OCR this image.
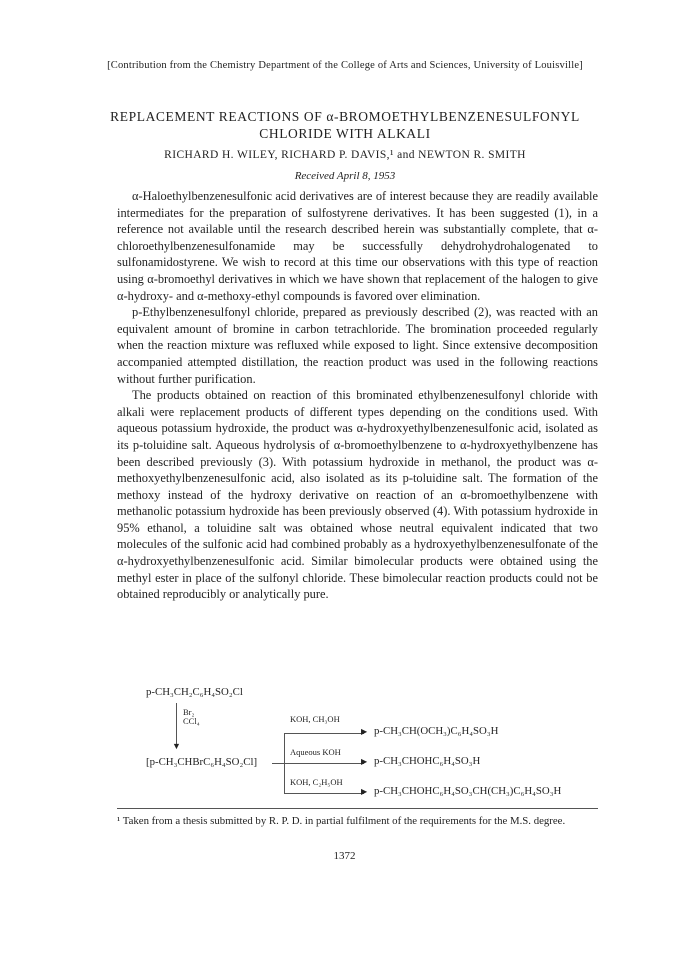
[Contribution from the Chemistry Department of the College of Arts and Sciences, University of Louisville]
REPLACEMENT REACTIONS OF α-BROMOETHYLBENZENESULFONYL CHLORIDE WITH ALKALI
RICHARD H. WILEY, RICHARD P. DAVIS,¹ and NEWTON R. SMITH
Received April 8, 1953

α-Haloethylbenzenesulfonic acid derivatives are of interest because they are readily available intermediates for the preparation of sulfostyrene derivatives. It has been suggested (1), in a reference not available until the research described herein was substantially complete, that α-chloroethylbenzenesulfonamide may be successfully dehydrohydrohalogenated to sulfonamidostyrene. We wish to record at this time our observations with this type of reaction using α-bromoethyl derivatives in which we have shown that replacement of the halogen to give α-hydroxy- and α-methoxy-ethyl compounds is favored over elimination.

p-Ethylbenzenesulfonyl chloride, prepared as previously described (2), was reacted with an equivalent amount of bromine in carbon tetrachloride. The bromination proceeded regularly when the reaction mixture was refluxed while exposed to light. Since extensive decomposition accompanied attempted distillation, the reaction product was used in the following reactions without further purification.

The products obtained on reaction of this brominated ethylbenzenesulfonyl chloride with alkali were replacement products of different types depending on the conditions used. With aqueous potassium hydroxide, the product was α-hydroxyethylbenzenesulfonic acid, isolated as its p-toluidine salt. Aqueous hydrolysis of α-bromoethylbenzene to α-hydroxyethylbenzene has been described previously (3). With potassium hydroxide in methanol, the product was α-methoxyethylbenzenesulfonic acid, also isolated as its p-toluidine salt. The formation of the methoxy instead of the hydroxy derivative on reaction of an α-bromoethylbenzene with methanolic potassium hydroxide has been previously observed (4). With potassium hydroxide in 95% ethanol, a toluidine salt was obtained whose neutral equivalent indicated that two molecules of the sulfonic acid had combined probably as a hydroxyethylbenzenesulfonate of the α-hydroxyethylbenzenesulfonic acid. Similar bimolecular products were obtained using the methyl ester in place of the sulfonyl chloride. These bimolecular reaction products could not be obtained reproducibly or analytically pure.

p-CH₃CH₂C₆H₄SO₂Cl
▼
Br₂
CCl₄
[p-CH₃CHBrC₆H₄SO₂Cl]
KOH, CH₃OH
▶ p-CH₃CH(OCH₃)C₆H₄SO₃H
Aqueous KOH
▶ p-CH₃CHOHC₆H₄SO₃H
KOH, C₂H₅OH
▶ p-CH₃CHOHC₆H₄SO₃CH(CH₃)C₆H₄SO₃H
¹ Taken from a thesis submitted by R. P. D. in partial fulfilment of the requirements for the M.S. degree.
1372
